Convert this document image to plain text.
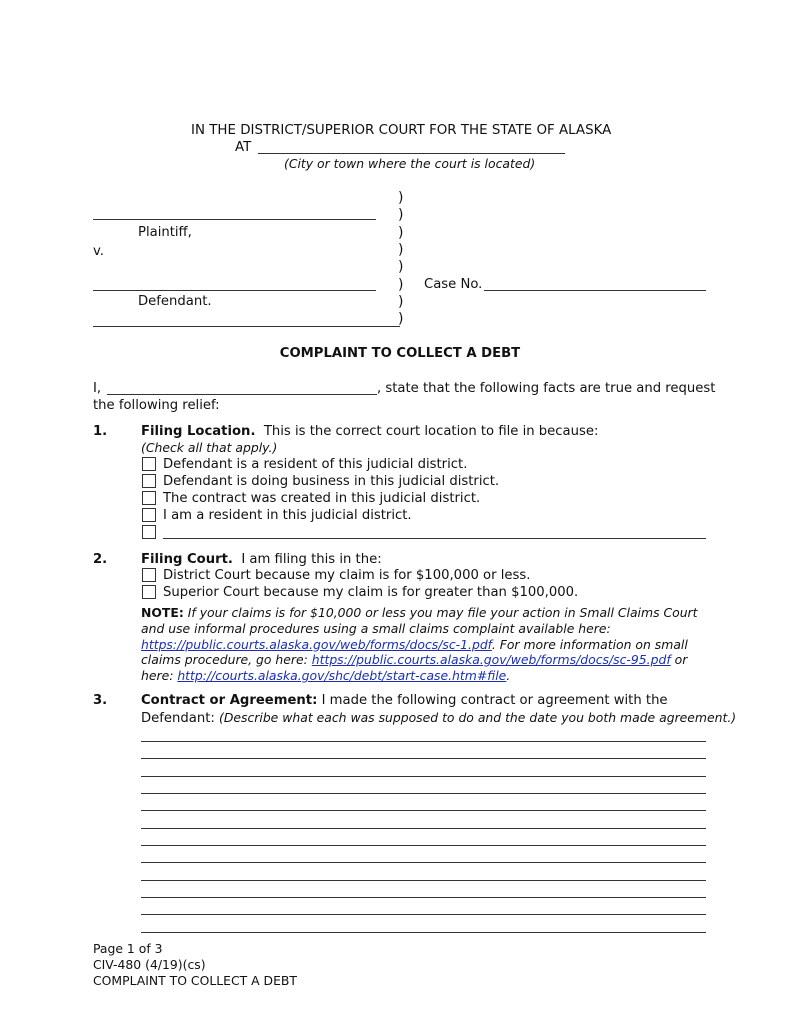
IN THE DISTRICT/SUPERIOR COURT FOR THE STATE OF ALASKA
AT
(City or town where the court is located)
Plaintiff,
v.
Defendant.
)
)
)
)
)
)
)
)
Case No.
COMPLAINT TO COLLECT A DEBT
I,	, state that the following facts are true and request
the following relief:
1.	Filing Location. This is the correct court location to file in because:
(Check all that apply.)
Defendant is a resident of this judicial district.
Defendant is doing business in this judicial district.
The contract was created in this judicial district.
I am a resident in this judicial district.
2.	Filing Court. I am filing this in the:
District Court because my claim is for $100,000 or less.
Superior Court because my claim is for greater than $100,000.
NOTE: If your claims is for $10,000 or less you may file your action in Small Claims Court and use informal procedures using a small claims complaint available here: https://public.courts.alaska.gov/web/forms/docs/sc-1.pdf. For more information on small claims procedure, go here: https://public.courts.alaska.gov/web/forms/docs/sc-95.pdf or here: http://courts.alaska.gov/shc/debt/start-case.htm#file.
3.	Contract or Agreement: I made the following contract or agreement with the
Defendant: (Describe what each was supposed to do and the date you both made agreement.)
Page 1 of 3
CIV-480 (4/19)(cs)
COMPLAINT TO COLLECT A DEBT
